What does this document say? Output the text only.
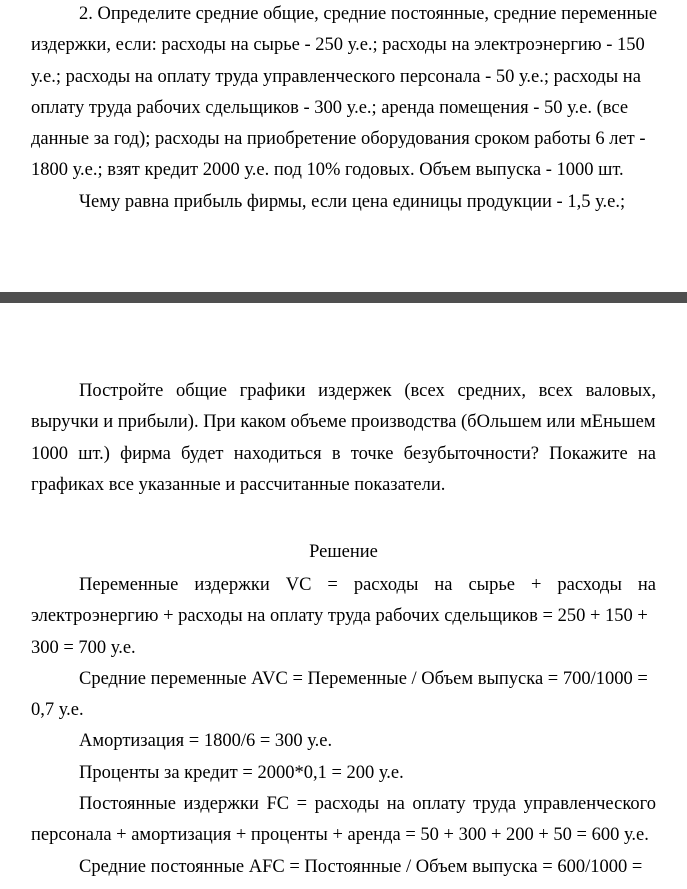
2. Определите средние общие, средние постоянные, средние переменные
издержки, если: расходы на сырье - 250 у.е.; расходы на электроэнергию - 150
у.е.; расходы на оплату труда управленческого персонала - 50 у.е.; расходы на
оплату труда рабочих сдельщиков - 300 у.е.; аренда помещения - 50 у.е. (все
данные за год); расходы на приобретение оборудования сроком работы 6 лет -
1800 у.е.; взят кредит 2000 у.е. под 10% годовых. Объем выпуска - 1000 шт.
Чему равна прибыль фирмы, если цена единицы продукции - 1,5 у.е.;
Постройте общие графики издержек (всех средних, всех валовых,
выручки и прибыли). При каком объеме производства (бОльшем или мЕньшем
1000 шт.) фирма будет находиться в точке безубыточности? Покажите на
графиках все указанные и рассчитанные показатели.
Решение
Переменные издержки VC = расходы на сырье + расходы на
электроэнергию + расходы на оплату труда рабочих сдельщиков = 250 + 150 +
300 = 700 у.е.
Средние переменные AVC = Переменные / Объем выпуска = 700/1000 =
0,7 у.е.
Амортизация = 1800/6 = 300 у.е.
Проценты за кредит = 2000*0,1 = 200 у.е.
Постоянные издержки FC = расходы на оплату труда управленческого
персонала + амортизация + проценты + аренда = 50 + 300 + 200 + 50 = 600 у.е.
Средние постоянные AFC = Постоянные / Объем выпуска = 600/1000 =
